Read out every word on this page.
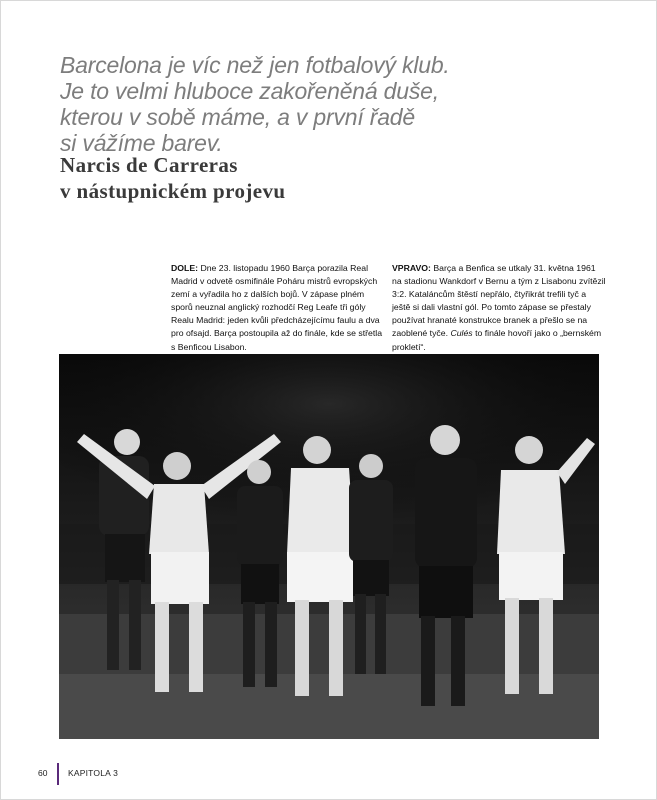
Barcelona je víc než jen fotbalový klub.
Je to velmi hluboce zakořeněná duše,
kterou v sobě máme, a v první řadě
si vážíme barev.
Narcis de Carreras
v nástupnickém projevu
DOLE: Dne 23. listopadu 1960 Barça porazila Real Madrid v odvetě osmifinále Poháru mistrů evropských zemí a vyřadila ho z dalších bojů. V zápase plném sporů neuznal anglický rozhodčí Reg Leafe tři góly Realu Madrid: jeden kvůli předcházejícímu faulu a dva pro ofsajd. Barça postoupila až do finále, kde se střetla s Benficou Lisabon.
VPRAVO: Barça a Benfica se utkaly 31. května 1961 na stadionu Wankdorf v Bernu a tým z Lisabonu zvítězil 3:2. Kataláncům štěstí nepřálo, čtyřikrát trefili tyč a ještě si dali vlastní gól. Po tomto zápase se přestaly používat hranaté konstrukce branek a přešlo se na zaoblené tyče. Culés to finále hovoří jako o „bernském prokletí“.
60 KAPITOLA 3
